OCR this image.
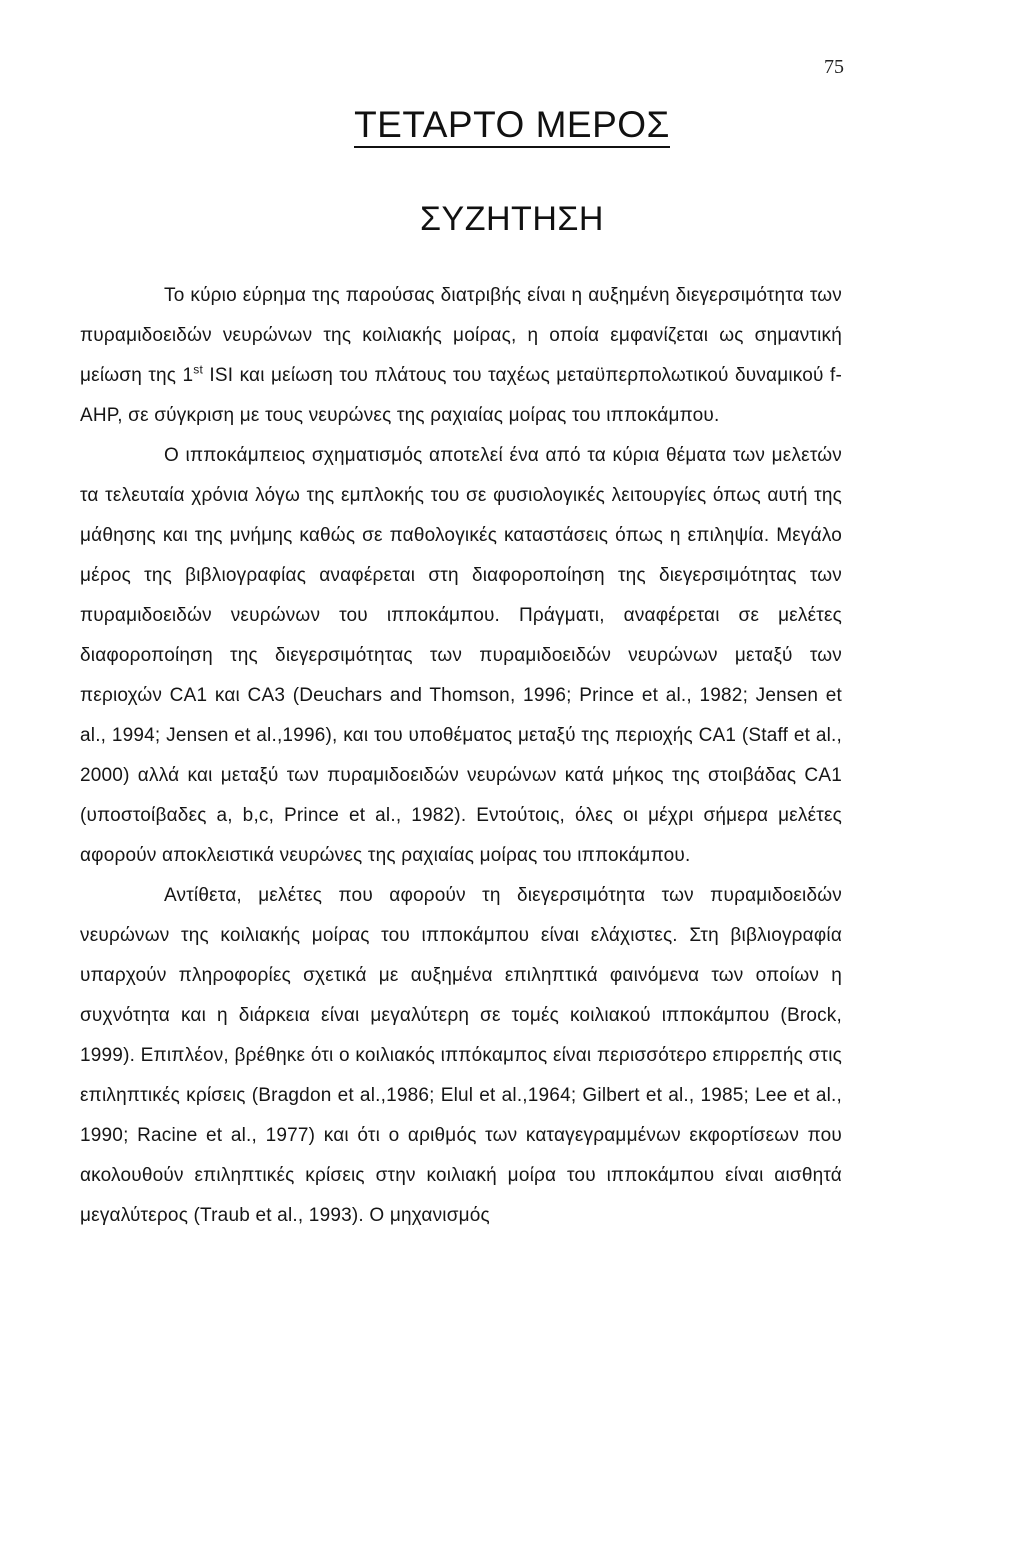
75
ΤΕΤΑΡΤΟ ΜΕΡΟΣ
ΣΥΖΗΤΗΣΗ

Το κύριο εύρημα της παρούσας διατριβής είναι η αυξημένη διεγερσιμότητα των πυραμιδοειδών νευρώνων της κοιλιακής μοίρας, η οποία εμφανίζεται ως σημαντική μείωση της 1st ISI και μείωση του πλάτους του ταχέως μεταϋπερπολωτικού δυναμικού f-AHP, σε σύγκριση με τους νευρώνες της ραχιαίας μοίρας του ιπποκάμπου.

Ο ιπποκάμπειος σχηματισμός αποτελεί ένα από τα κύρια θέματα των μελετών τα τελευταία χρόνια λόγω της εμπλοκής του σε φυσιολογικές λειτουργίες όπως αυτή της μάθησης και της μνήμης καθώς σε παθολογικές καταστάσεις όπως η επιληψία. Μεγάλο μέρος της βιβλιογραφίας αναφέρεται στη διαφοροποίηση της διεγερσιμότητας των πυραμιδοειδών νευρώνων του ιπποκάμπου. Πράγματι, αναφέρεται σε μελέτες διαφοροποίηση της διεγερσιμότητας των πυραμιδοειδών νευρώνων μεταξύ των περιοχών CA1 και CA3 (Deuchars and Thomson, 1996; Prince et al., 1982; Jensen et al., 1994; Jensen et al.,1996), και του υποθέματος μεταξύ της περιοχής CA1 (Staff et al., 2000) αλλά και μεταξύ των πυραμιδοειδών νευρώνων κατά μήκος της στοιβάδας CA1 (υποστοίβαδες a, b,c, Prince et al., 1982). Εντούτοις, όλες οι μέχρι σήμερα μελέτες αφορούν αποκλειστικά νευρώνες της ραχιαίας μοίρας του ιπποκάμπου.

Αντίθετα, μελέτες που αφορούν τη διεγερσιμότητα των πυραμιδοειδών νευρώνων της κοιλιακής μοίρας του ιπποκάμπου είναι ελάχιστες. Στη βιβλιογραφία υπαρχούν πληροφορίες σχετικά με αυξημένα επιληπτικά φαινόμενα των οποίων η συχνότητα και η διάρκεια είναι μεγαλύτερη σε τομές κοιλιακού ιπποκάμπου (Brock, 1999). Επιπλέον, βρέθηκε ότι ο κοιλιακός ιππόκαμπος είναι περισσότερο επιρρεπής στις επιληπτικές κρίσεις (Bragdon et al.,1986; Elul et al.,1964; Gilbert et al., 1985; Lee et al., 1990; Racine et al., 1977) και ότι ο αριθμός των καταγεγραμμένων εκφορτίσεων που ακολουθούν επιληπτικές κρίσεις στην κοιλιακή μοίρα του ιπποκάμπου είναι αισθητά μεγαλύτερος (Traub et al., 1993). Ο μηχανισμός
